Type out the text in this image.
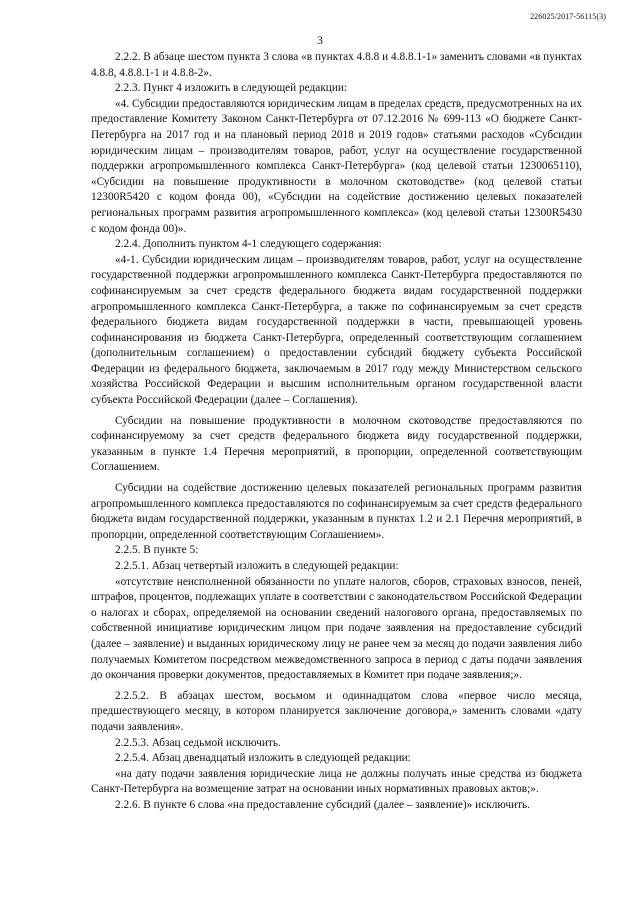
226025/2017-56115(3)
3

2.2.2. В абзаце шестом пункта 3 слова «в пунктах 4.8.8 и 4.8.8.1-1» заменить словами «в пунктах 4.8.8, 4.8.8.1-1 и 4.8.8-2».

2.2.3. Пункт 4 изложить в следующей редакции:

«4. Субсидии предоставляются юридическим лицам в пределах средств, предусмотренных на их предоставление Комитету Законом Санкт-Петербурга от 07.12.2016 № 699-113 «О бюджете Санкт-Петербурга на 2017 год и на плановый период 2018 и 2019 годов» статьями расходов «Субсидии юридическим лицам – производителям товаров, работ, услуг на осуществление государственной поддержки агропромышленного комплекса Санкт-Петербурга» (код целевой статьи 1230065110), «Субсидии на повышение продуктивности в молочном скотоводстве» (код целевой статьи 12300R5420 с кодом фонда 00), «Субсидии на содействие достижению целевых показателей региональных программ развития агропромышленного комплекса» (код целевой статьи 12300R5430 с кодом фонда 00)».

2.2.4. Дополнить пунктом 4-1 следующего содержания:

«4-1. Субсидии юридическим лицам – производителям товаров, работ, услуг на осуществление государственной поддержки агропромышленного комплекса Санкт-Петербурга предоставляются по софинансируемым за счет средств федерального бюджета видам государственной поддержки агропромышленного комплекса Санкт-Петербурга, а также по софинансируемым за счет средств федерального бюджета видам государственной поддержки в части, превышающей уровень софинансирования из бюджета Санкт-Петербурга, определенный соответствующим соглашением (дополнительным соглашением) о предоставлении субсидий бюджету субъекта Российской Федерации из федерального бюджета, заключаемым в 2017 году между Министерством сельского хозяйства Российской Федерации и высшим исполнительным органом государственной власти субъекта Российской Федерации (далее – Соглашения).

Субсидии на повышение продуктивности в молочном скотоводстве предоставляются по софинансируемому за счет средств федерального бюджета виду государственной поддержки, указанным в пункте 1.4 Перечня мероприятий, в пропорции, определенной соответствующим Соглашением.

Субсидии на содействие достижению целевых показателей региональных программ развития агропромышленного комплекса предоставляются по софинансируемым за счет средств федерального бюджета видам государственной поддержки, указанным в пунктах 1.2 и 2.1 Перечня мероприятий, в пропорции, определенной соответствующим Соглашением».

2.2.5. В пункте 5:

2.2.5.1. Абзац четвертый изложить в следующей редакции:

«отсутствие неисполненной обязанности по уплате налогов, сборов, страховых взносов, пеней, штрафов, процентов, подлежащих уплате в соответствии с законодательством Российской Федерации о налогах и сборах, определяемой на основании сведений налогового органа, предоставляемых по собственной инициативе юридическим лицом при подаче заявления на предоставление субсидий (далее – заявление) и выданных юридическому лицу не ранее чем за месяц до подачи заявления либо получаемых Комитетом посредством межведомственного запроса в период с даты подачи заявления до окончания проверки документов, предоставляемых в Комитет при подаче заявления;».

2.2.5.2. В абзацах шестом, восьмом и одиннадцатом слова «первое число месяца, предшествующего месяцу, в котором планируется заключение договора,» заменить словами «дату подачи заявления».

2.2.5.3. Абзац седьмой исключить.

2.2.5.4. Абзац двенадцатый изложить в следующей редакции:

«на дату подачи заявления юридические лица не должны получать иные средства из бюджета Санкт-Петербурга на возмещение затрат на основании иных нормативных правовых актов;».

2.2.6. В пункте 6 слова «на предоставление субсидий (далее – заявление)» исключить.
